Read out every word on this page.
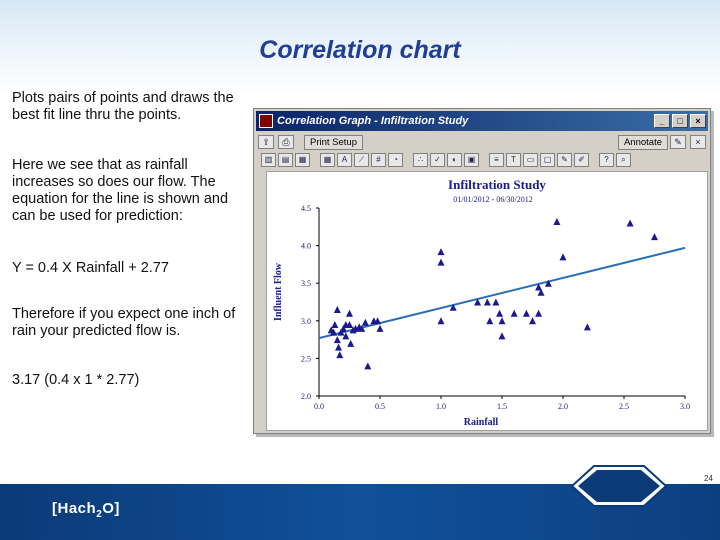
Correlation chart
Plots pairs of points and draws the best fit line thru the points.
Here we see that as rainfall increases so does our flow. The equation for the line is shown and can be used for prediction:
Y = 0.4 X Rainfall + 2.77
Therefore if you expect one inch of rain your predicted flow is.
3.17 (0.4 x 1 * 2.77)
Correlation Graph - Infiltration Study	_	□	×
⇪	⎙	Print Setup	Annotate	✎	×
▥	▤	▦	▦	A	⟋	#	◔	∴	✓	◐	▣	≡	T	▭	▢	✎	✐	?	⌕
Infiltration Study
01/01/2012 - 06/30/2012
Rainfall
Influent Flow
0.0	0.5	1.0	1.5	2.0	2.5	3.0
2.0
2.5
3.0
3.5
4.0
4.5
[Hach$_2$O]
24
